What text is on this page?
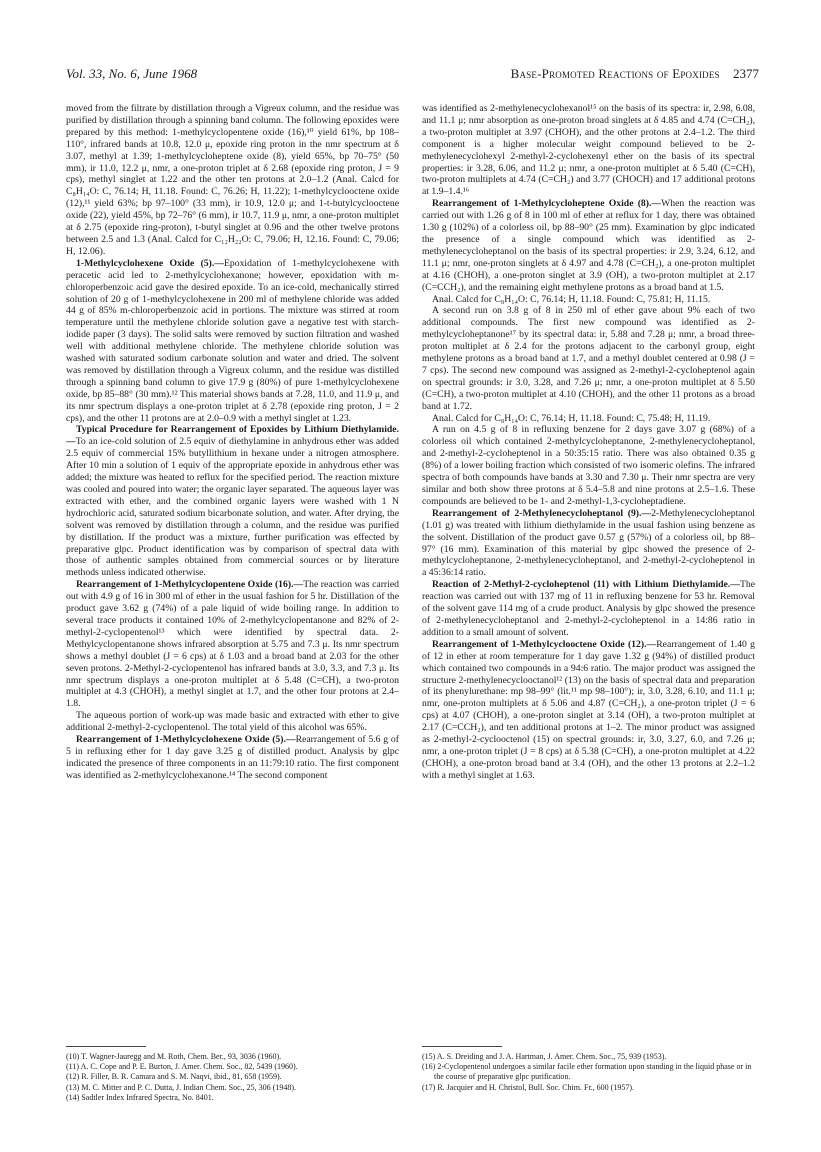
Vol. 33, No. 6, June 1968	Base-Promoted Reactions of Epoxides 2377

moved from the filtrate by distillation through a Vigreux column, and the residue was purified by distillation through a spinning band column. The following epoxides were prepared by this method: 1-methylcyclopentene oxide (16),¹⁰ yield 61%, bp 108–110°, infrared bands at 10.8, 12.0 μ, epoxide ring proton in the nmr spectrum at δ 3.07, methyl at 1.39; 1-methylcycloheptene oxide (8), yield 65%, bp 70–75° (50 mm), ir 11.0, 12.2 μ, nmr, a one-proton triplet at δ 2.68 (epoxide ring proton, J = 9 cps), methyl singlet at 1.22 and the other ten protons at 2.0–1.2 (Anal. Calcd for C₈H₁₄O: C, 76.14; H, 11.18. Found: C, 76.26; H, 11.22); 1-methylcyclooctene oxide (12),¹¹ yield 63%; bp 97–100° (33 mm), ir 10.9, 12.0 μ; and 1-t-butylcyclooctene oxide (22), yield 45%, bp 72–76° (6 mm), ir 10.7, 11.9 μ, nmr, a one-proton multiplet at δ 2.75 (epoxide ring-proton), t-butyl singlet at 0.96 and the other twelve protons between 2.5 and 1.3 (Anal. Calcd for C₁₂H₂₂O: C, 79.06; H, 12.16. Found: C, 79.06; H, 12.06).

1-Methylcyclohexene Oxide (5).—Epoxidation of 1-methylcyclohexene with peracetic acid led to 2-methylcyclohexanone; however, epoxidation with m-chloroperbenzoic acid gave the desired epoxide. To an ice-cold, mechanically stirred solution of 20 g of 1-methylcyclohexene in 200 ml of methylene chloride was added 44 g of 85% m-chloroperbenzoic acid in portions. The mixture was stirred at room temperature until the methylene chloride solution gave a negative test with starch-iodide paper (3 days). The solid salts were removed by suction filtration and washed well with additional methylene chloride. The methylene chloride solution was washed with saturated sodium carbonate solution and water and dried. The solvent was removed by distillation through a Vigreux column, and the residue was distilled through a spinning band column to give 17.9 g (80%) of pure 1-methylcyclohexene oxide, bp 85–88° (30 mm).¹² This material shows bands at 7.28, 11.0, and 11.9 μ, and its nmr spectrum displays a one-proton triplet at δ 2.78 (epoxide ring proton, J = 2 cps), and the other 11 protons are at 2.0–0.9 with a methyl singlet at 1.23.

Typical Procedure for Rearrangement of Epoxides by Lithium Diethylamide.—To an ice-cold solution of 2.5 equiv of diethylamine in anhydrous ether was added 2.5 equiv of commercial 15% butyllithium in hexane under a nitrogen atmosphere. After 10 min a solution of 1 equiv of the appropriate epoxide in anhydrous ether was added; the mixture was heated to reflux for the specified period. The reaction mixture was cooled and poured into water; the organic layer separated. The aqueous layer was extracted with ether, and the combined organic layers were washed with 1 N hydrochloric acid, saturated sodium bicarbonate solution, and water. After drying, the solvent was removed by distillation through a column, and the residue was purified by distillation. If the product was a mixture, further purification was effected by preparative glpc. Product identification was by comparison of spectral data with those of authentic samples obtained from commercial sources or by literature methods unless indicated otherwise.

Rearrangement of 1-Methylcyclopentene Oxide (16).—The reaction was carried out with 4.9 g of 16 in 300 ml of ether in the usual fashion for 5 hr. Distillation of the product gave 3.62 g (74%) of a pale liquid of wide boiling range. In addition to several trace products it contained 10% of 2-methylcyclopentanone and 82% of 2-methyl-2-cyclopentenol¹³ which were identified by spectral data. 2-Methylcyclopentanone shows infrared absorption at 5.75 and 7.3 μ. Its nmr spectrum shows a methyl doublet (J = 6 cps) at δ 1.03 and a broad band at 2.03 for the other seven protons. 2-Methyl-2-cyclopentenol has infrared bands at 3.0, 3.3, and 7.3 μ. Its nmr spectrum displays a one-proton multiplet at δ 5.48 (C=CH), a two-proton multiplet at 4.3 (CHOH), a methyl singlet at 1.7, and the other four protons at 2.4–1.8.

The aqueous portion of work-up was made basic and extracted with ether to give additional 2-methyl-2-cyclopentenol. The total yield of this alcohol was 65%.

Rearrangement of 1-Methylcyclohexene Oxide (5).—Rearrangement of 5.6 g of 5 in refluxing ether for 1 day gave 3.25 g of distilled product. Analysis by glpc indicated the presence of three components in an 11:79:10 ratio. The first component was identified as 2-methylcyclohexanone.¹⁴ The second component

was identified as 2-methylenecyclohexanol¹⁵ on the basis of its spectra: ir, 2.98, 6.08, and 11.1 μ; nmr absorption as one-proton broad singlets at δ 4.85 and 4.74 (C=CH₂), a two-proton multiplet at 3.97 (CHOH), and the other protons at 2.4–1.2. The third component is a higher molecular weight compound believed to be 2-methylenecyclohexyl 2-methyl-2-cyclohexenyl ether on the basis of its spectral properties: ir 3.28, 6.06, and 11.2 μ; nmr, a one-proton multiplet at δ 5.40 (C=CH), two-proton multiplets at 4.74 (C=CH₂) and 3.77 (CHOCH) and 17 additional protons at 1.9–1.4.¹⁶

Rearrangement of 1-Methylcycloheptene Oxide (8).—When the reaction was carried out with 1.26 g of 8 in 100 ml of ether at reflux for 1 day, there was obtained 1.30 g (102%) of a colorless oil, bp 88–90° (25 mm). Examination by glpc indicated the presence of a single compound which was identified as 2-methylenecycloheptanol on the basis of its spectral properties: ir 2.9, 3.24, 6.12, and 11.1 μ; nmr, one-proton singlets at δ 4.97 and 4.78 (C=CH₂), a one-proton multiplet at 4.16 (CHOH), a one-proton singlet at 3.9 (OH), a two-proton multiplet at 2.17 (C=CCH₂), and the remaining eight methylene protons as a broad band at 1.5.

Anal. Calcd for C₈H₁₄O: C, 76.14; H, 11.18. Found: C, 75.81; H, 11.15.

A second run on 3.8 g of 8 in 250 ml of ether gave about 9% each of two additional compounds. The first new compound was identified as 2-methylcycloheptanone¹⁷ by its spectral data: ir, 5.88 and 7.28 μ; nmr, a broad three-proton multiplet at δ 2.4 for the protons adjacent to the carbonyl group, eight methylene protons as a broad band at 1.7, and a methyl doublet centered at 0.98 (J = 7 cps). The second new compound was assigned as 2-methyl-2-cycloheptenol again on spectral grounds: ir 3.0, 3.28, and 7.26 μ; nmr, a one-proton multiplet at δ 5.50 (C=CH), a two-proton multiplet at 4.10 (CHOH), and the other 11 protons as a broad band at 1.72.

Anal. Calcd for C₈H₁₄O: C, 76.14; H, 11.18. Found: C, 75.48; H, 11.19.

A run on 4.5 g of 8 in refluxing benzene for 2 days gave 3.07 g (68%) of a colorless oil which contained 2-methylcycloheptanone, 2-methylenecycloheptanol, and 2-methyl-2-cycloheptenol in a 50:35:15 ratio. There was also obtained 0.35 g (8%) of a lower boiling fraction which consisted of two isomeric olefins. The infrared spectra of both compounds have bands at 3.30 and 7.30 μ. Their nmr spectra are very similar and both show three protons at δ 5.4–5.8 and nine protons at 2.5–1.6. These compounds are believed to be 1- and 2-methyl-1,3-cycloheptadiene.

Rearrangement of 2-Methylenecycloheptanol (9).—2-Methylenecycloheptanol (1.01 g) was treated with lithium diethylamide in the usual fashion using benzene as the solvent. Distillation of the product gave 0.57 g (57%) of a colorless oil, bp 88–97° (16 mm). Examination of this material by glpc showed the presence of 2-methylcycloheptanone, 2-methylenecycloheptanol, and 2-methyl-2-cycloheptenol in a 45:36:14 ratio.

Reaction of 2-Methyl-2-cycloheptenol (11) with Lithium Diethylamide.—The reaction was carried out with 137 mg of 11 in refluxing benzene for 53 hr. Removal of the solvent gave 114 mg of a crude product. Analysis by glpc showed the presence of 2-methylenecycloheptanol and 2-methyl-2-cycloheptenol in a 14:86 ratio in addition to a small amount of solvent.

Rearrangement of 1-Methylcyclooctene Oxide (12).—Rearrangement of 1.40 g of 12 in ether at room temperature for 1 day gave 1.32 g (94%) of distilled product which contained two compounds in a 94:6 ratio. The major product was assigned the structure 2-methylenecyclooctanol¹² (13) on the basis of spectral data and preparation of its phenylurethane: mp 98–99° (lit.¹¹ mp 98–100°); ir, 3.0, 3.28, 6.10, and 11.1 μ; nmr, one-proton multiplets at δ 5.06 and 4.87 (C=CH₂), a one-proton triplet (J = 6 cps) at 4.07 (CHOH), a one-proton singlet at 3.14 (OH), a two-proton multiplet at 2.17 (C=CCH₂), and ten additional protons at 1–2. The minor product was assigned as 2-methyl-2-cyclooctenol (15) on spectral grounds: ir, 3.0, 3.27, 6.0, and 7.26 μ; nmr, a one-proton triplet (J = 8 cps) at δ 5.38 (C=CH), a one-proton multiplet at 4.22 (CHOH), a one-proton broad band at 3.4 (OH), and the other 13 protons at 2.2–1.2 with a methyl singlet at 1.63.

(10) T. Wagner-Jauregg and M. Roth, Chem. Ber., 93, 3036 (1960).
(11) A. C. Cope and P. E. Burton, J. Amer. Chem. Soc., 82, 5439 (1960).
(12) R. Filler, B. R. Camara and S. M. Naqvi, ibid., 81, 658 (1959).
(13) M. C. Mitter and P. C. Dutta, J. Indian Chem. Soc., 25, 306 (1948).
(14) Sadtler Index Infrared Spectra, No. 8401.
(15) A. S. Dreiding and J. A. Hartman, J. Amer. Chem. Soc., 75, 939 (1953).
(16) 2-Cyclopentenol undergoes a similar facile ether formation upon standing in the liquid phase or in the course of preparative glpc purification.
(17) R. Jacquier and H. Christol, Bull. Soc. Chim. Fr., 600 (1957).
